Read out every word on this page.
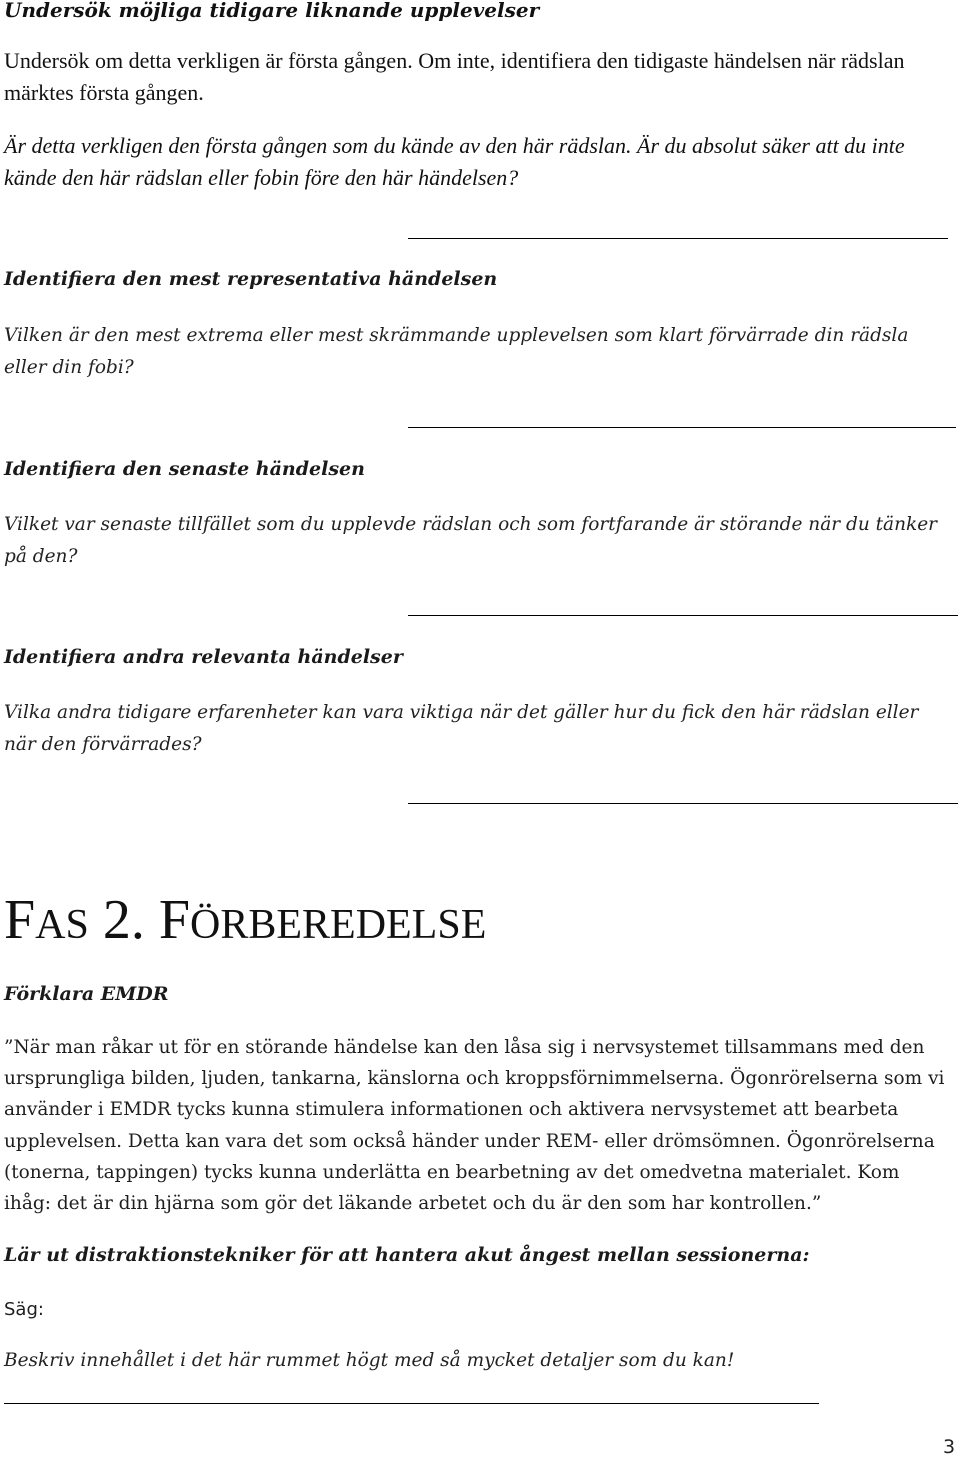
Undersök möjliga tidigare liknande upplevelser
Undersök om detta verkligen är första gången. Om inte, identifiera den tidigaste händelsen när rädslan märktes första gången.
Är detta verkligen den första gången som du kände av den här rädslan. Är du absolut säker att du inte kände den här rädslan eller fobin före den här händelsen?
Identifiera den mest representativa händelsen
Vilken är den mest extrema eller mest skrämmande upplevelsen som klart förvärrade din rädsla eller din fobi?
Identifiera den senaste händelsen
Vilket var senaste tillfället som du upplevde rädslan och som fortfarande är störande när du tänker på den?
Identifiera andra relevanta händelser
Vilka andra tidigare erfarenheter kan vara viktiga när det gäller hur du fick den här rädslan eller när den förvärrades?
FAS 2. FÖRBEREDELSE
Förklara EMDR
”När man råkar ut för en störande händelse kan den låsa sig i nervsystemet tillsammans med den ursprungliga bilden, ljuden, tankarna, känslorna och kroppsförnimmelserna. Ögonrörelserna som vi använder i EMDR tycks kunna stimulera informationen och aktivera nervsystemet att bearbeta upplevelsen. Detta kan vara det som också händer under REM- eller drömsömnen. Ögonrörelserna (tonerna, tappingen) tycks kunna underlätta en bearbetning av det omedvetna materialet. Kom ihåg: det är din hjärna som gör det läkande arbetet och du är den som har kontrollen.”
Lär ut distraktionstekniker för att hantera akut ångest mellan sessionerna:
Säg:
Beskriv innehållet i det här rummet högt med så mycket detaljer som du kan!
3
